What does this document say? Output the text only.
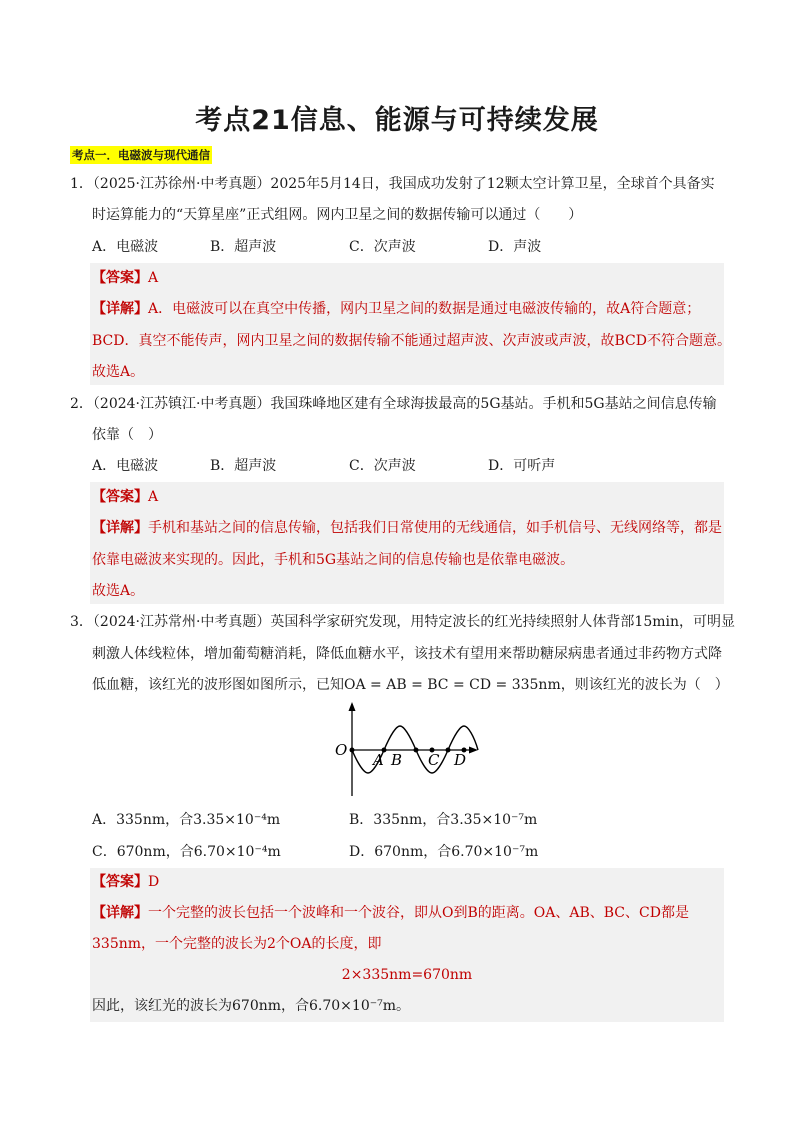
考点21信息、能源与可持续发展
考点一．电磁波与现代通信
1．（2025·江苏徐州·中考真题）2025年5月14日，我国成功发射了12颗太空计算卫星，全球首个具备实
时运算能力的“天算星座”正式组网。网内卫星之间的数据传输可以通过（　　）
A．电磁波	B．超声波	C．次声波	D．声波
【答案】A
【详解】A．电磁波可以在真空中传播，网内卫星之间的数据是通过电磁波传输的，故A符合题意；
BCD．真空不能传声，网内卫星之间的数据传输不能通过超声波、次声波或声波，故BCD不符合题意。
故选A。
2．（2024·江苏镇江·中考真题）我国珠峰地区建有全球海拔最高的5G基站。手机和5G基站之间信息传输
依靠（　）
A．电磁波	B．超声波	C．次声波	D．可听声
【答案】A
【详解】手机和基站之间的信息传输，包括我们日常使用的无线通信，如手机信号、无线网络等，都是
依靠电磁波来实现的。因此，手机和5G基站之间的信息传输也是依靠电磁波。
故选A。
3．（2024·江苏常州·中考真题）英国科学家研究发现，用特定波长的红光持续照射人体背部15min，可明显
刺激人体线粒体，增加葡萄糖消耗，降低血糖水平，该技术有望用来帮助糖尿病患者通过非药物方式降
低血糖，该红光的波形图如图所示，已知OA = AB = BC = CD = 335nm，则该红光的波长为（　）
O
A B C D
A．335nm，合3.35×10⁻⁴m	B．335nm，合3.35×10⁻⁷m
C．670nm，合6.70×10⁻⁴m	D．670nm，合6.70×10⁻⁷m
【答案】D
【详解】一个完整的波长包括一个波峰和一个波谷，即从O到B的距离。OA、AB、BC、CD都是
335nm，一个完整的波长为2个OA的长度，即
2×335nm=670nm
因此，该红光的波长为670nm，合6.70×10⁻⁷m。
